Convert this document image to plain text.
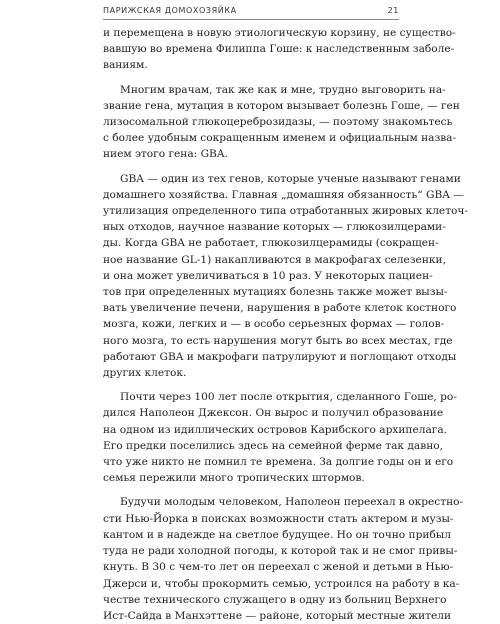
ПАРИЖСКАЯ ДОМОХОЗЯЙКА	21
и перемещена в новую этиологическую корзину, не существо-
вавшую во времена Филиппа Гоше: к наследственным заболе-
ваниям.
Многим врачам, так же как и мне, трудно выговорить на-
звание гена, мутация в котором вызывает болезнь Гоше, — ген
лизосомальной глюкоцереброзидазы, — поэтому знакомьтесь
с более удобным сокращенным именем и официальным назва-
нием этого гена: GBA.
GBA — один из тех генов, которые ученые называют генами
домашнего хозяйства. Главная „домашняя обязанность“ GBA —
утилизация определенного типа отработанных жировых клеточ-
ных отходов, научное название которых — глюкозилцерами-
ды. Когда GBA не работает, глюкозилцерамиды (сокращен-
ное название GL-1) накапливаются в макрофагах селезенки,
и она может увеличиваться в 10 раз. У некоторых пациен-
тов при определенных мутациях болезнь также может вызы-
вать увеличение печени, нарушения в работе клеток костного
мозга, кожи, легких и — в особо серьезных формах — голов-
ного мозга, то есть нарушения могут быть во всех местах, где
работают GBA и макрофаги патрулируют и поглощают отходы
других клеток.
Почти через 100 лет после открытия, сделанного Гоше, ро-
дился Наполеон Джексон. Он вырос и получил образование
на одном из идиллических островов Карибского архипелага.
Его предки поселились здесь на семейной ферме так давно,
что уже никто не помнил те времена. За долгие годы он и его
семья пережили много тропических штормов.
Будучи молодым человеком, Наполеон переехал в окрестно-
сти Нью-Йорка в поисках возможности стать актером и музы-
кантом и в надежде на светлое будущее. Но он точно прибыл
туда не ради холодной погоды, к которой так и не смог привы-
кнуть. В 30 с чем-то лет он переехал с женой и детьми в Нью-
Джерси и, чтобы прокормить семью, устроился на работу в ка-
честве технического служащего в одну из больниц Верхнего
Ист-Сайда в Манхэттене — районе, который местные жители
